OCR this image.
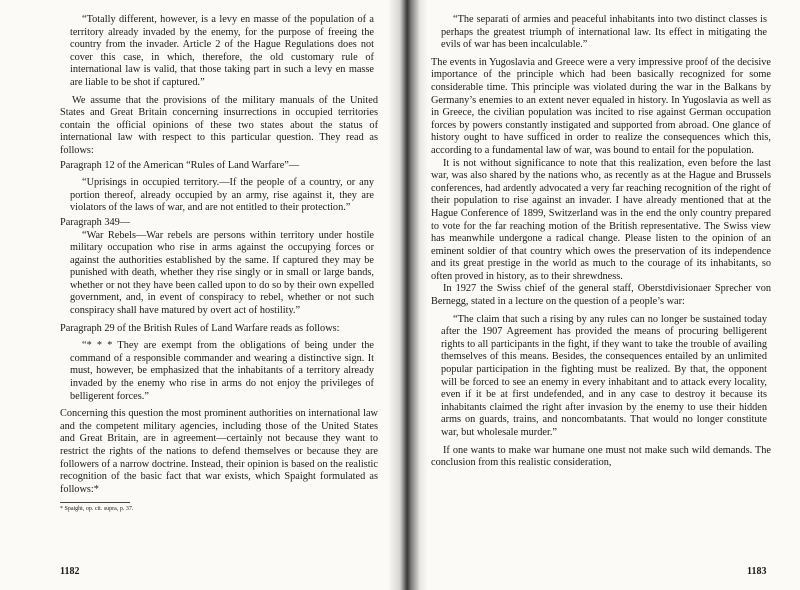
“Totally different, however, is a levy en masse of the population of a territory already invaded by the enemy, for the purpose of freeing the country from the invader. Article 2 of the Hague Regulations does not cover this case, in which, therefore, the old customary rule of international law is valid, that those taking part in such a levy en masse are liable to be shot if captured.”

We assume that the provisions of the military manuals of the United States and Great Britain concerning insurrections in occupied territories contain the official opinions of these two states about the status of international law with respect to this particular question. They read as follows:

Paragraph 12 of the American “Rules of Land Warfare”—

“Uprisings in occupied territory.—If the people of a country, or any portion thereof, already occupied by an army, rise against it, they are violators of the laws of war, and are not entitled to their protection.”

Paragraph 349—

“War Rebels—War rebels are persons within territory under hostile military occupation who rise in arms against the occupying forces or against the authorities established by the same. If captured they may be punished with death, whether they rise singly or in small or large bands, whether or not they have been called upon to do so by their own expelled government, and, in event of conspiracy to rebel, whether or not such conspiracy shall have matured by overt act of hostility.”

Paragraph 29 of the British Rules of Land Warfare reads as follows:

“* * * They are exempt from the obligations of being under the command of a responsible commander and wearing a distinctive sign. It must, however, be emphasized that the inhabitants of a territory already invaded by the enemy who rise in arms do not enjoy the privileges of belligerent forces.”

Concerning this question the most prominent authorities on international law and the competent military agencies, including those of the United States and Great Britain, are in agreement—certainly not because they want to restrict the rights of the nations to defend themselves or because they are followers of a narrow doctrine. Instead, their opinion is based on the realistic recognition of the basic fact that war exists, which Spaight formulated as follows:*

* Spaight, op. cit. supra, p. 37.

1182

“The separati of armies and peaceful inhabitants into two distinct classes is perhaps the greatest triumph of international law. Its effect in mitigating the evils of war has been incalculable.”

The events in Yugoslavia and Greece were a very impressive proof of the decisive importance of the principle which had been basically recognized for some considerable time. This principle was violated during the war in the Balkans by Germany’s enemies to an extent never equaled in history. In Yugoslavia as well as in Greece, the civilian population was incited to rise against German occupation forces by powers constantly instigated and supported from abroad. One glance of history ought to have sufficed in order to realize the consequences which this, according to a fundamental law of war, was bound to entail for the population.

It is not without significance to note that this realization, even before the last war, was also shared by the nations who, as recently as at the Hague and Brussels conferences, had ardently advocated a very far reaching recognition of the right of their population to rise against an invader. I have already mentioned that at the Hague Conference of 1899, Switzerland was in the end the only country prepared to vote for the far reaching motion of the British representative. The Swiss view has meanwhile undergone a radical change. Please listen to the opinion of an eminent soldier of that country which owes the preservation of its independence and its great prestige in the world as much to the courage of its inhabitants, so often proved in history, as to their shrewdness.

In 1927 the Swiss chief of the general staff, Oberstdivisionaer Sprecher von Bernegg, stated in a lecture on the question of a people’s war:

“The claim that such a rising by any rules can no longer be sustained today after the 1907 Agreement has provided the means of procuring belligerent rights to all participants in the fight, if they want to take the trouble of availing themselves of this means. Besides, the consequences entailed by an unlimited popular participation in the fighting must be realized. By that, the opponent will be forced to see an enemy in every inhabitant and to attack every locality, even if it be at first undefended, and in any case to destroy it because its inhabitants claimed the right after invasion by the enemy to use their hidden arms on guards, trains, and noncombatants. That would no longer constitute war, but wholesale murder.”

If one wants to make war humane one must not make such wild demands. The conclusion from this realistic consideration,

1183
